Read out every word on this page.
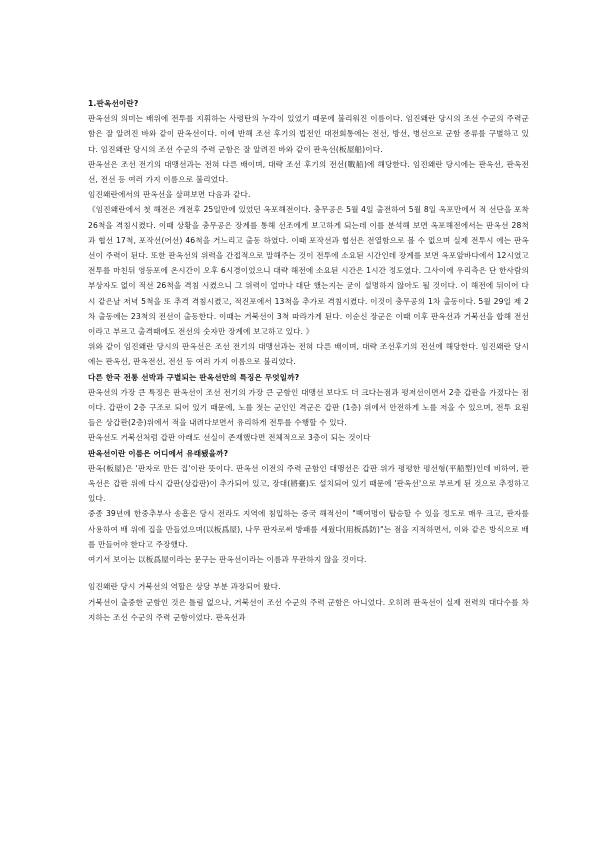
1.판옥선이란?

판옥선의 의미는 배위에 전투를 지휘하는 사령탄의 누각이 있었기 때문에 불리워진 이름이다. 임진왜란 당시의 조선 수군의 주력군함은 잘 알려진 바와 같이 판옥선이다. 이에 반해 조선 후기의 법전인 대전회통에는 전선, 방선, 병선으로 군함 종류를 구별하고 있다. 임진왜란 당시의 조선 수군의 주력 군함은 잘 알려진 바와 같이 판옥선(板屋船)이다.

판옥선은 조선 전기의 대맹선과는 전혀 다른 배이며, 대략 조선 후기의 전선(戰船)에 해당한다. 임진왜란 당시에는 판옥선, 판옥전선, 전선 등 여러 가지 이름으로 불리었다.

임진왜란에서의 판옥선을 살펴보면 다음과 같다.

《임진왜란에서 첫 해전은 개전후 25일만에 있었던 옥포해전이다. 충무공은 5월 4일 출전하여 5월 8일 옥포만에서 적 선단을 포착 26척을 격침시켰다. 이때 상황을 충무공은 장계를 통해 선조에게 보고하게 되는데 이를 분석해 보면 옥포해전에서는 판옥선 28척과 협선 17척, 포작선(어선) 46척을 거느리고 출동 하였다. 이때 포작선과 협선은 전열함으로 볼 수 없으며 실제 전투시 에는 판옥선이 주력이 된다. 또한 판옥선의 위력을 간접적으로 말해주는 것이 전투에 소요된 시간인데 장계를 보면 옥포앞바다에서 12시였고 전투를 마친뒤 영등포에 온시간이 오후 6시경이었으니 대략 해전에 소요된 시간은 1시간 정도였다. 그사이에 우리측은 단 한사람의 부상자도 없이 적선 26척을 격침 시켰으니 그 위력이 얼마나 대단 했는지는 굳이 설명하지 않아도 될 것이다. 이 해전에 뒤이어 다시 같은날 저녁 5척을 또 추격 격침시켰고, 적진포에서 13척을 추가로 격침시켰다. 이것이 충무공의 1차 출동이다. 5월 29일 제 2차 출동에는 23척의 전선이 출동한다. 이때는 거북선이 3척 따라가게 된다. 이순신 장군은 이때 이후 판옥선과 거북선을 합해 전선이라고 부르고 출격때에도 전선의 숫자만 장계에 보고하고 있다. 》

위와 같이 임진왜란 당시의 판옥선은 조선 전기의 대맹선과는 전혀 다른 배이며, 대략 조선후기의 전선에 해당한다. 임진왜란 당시에는 판옥선, 판옥전선, 전선 등 여러 가지 이름으로 불리었다.

다른 한국 전통 선박과 구별되는 판옥선만의 특징은 무엇일까?

판옥선의 가장 큰 특징은 판옥선이 조선 전기의 가장 큰 군함인 대맹선 보다도 더 크다는점과 평저선이면서 2층 갑판을 가졌다는 점이다. 갑판이 2층 구조로 되어 있기 때문에, 노를 젓는 군인인 격군은 갑판 (1층) 위에서 안전하게 노를 저을 수 있으며, 전투 요원들은 상갑판(2층)위에서 적을 내려다보면서 유리하게 전투를 수행할 수 있다.

판옥선도 거북선처럼 갑판 아래도 선실이 존재했다면 전체적으로 3층이 되는 것이다

판옥선이란 이름은 어디에서 유래됐을까?

판옥(板屋)은 '판자로 만든 집'이란 뜻이다. 판옥선 이전의 주력 군함인 대맹선은 갑판 위가 평평한 평선형(平船型)인데 비하여, 판옥선은 갑판 위에 다시 갑판(상갑판)이 추가되어 있고, 장대(將臺)도 설치되어 있기 때문에 '판옥선'으로 부르게 된 것으로 추정하고 있다.

중종 39년에 한중추부사 송흠은 당시 전라도 지역에 침입하는 중국 해적선이 "백여명이 탑승할 수 있을 정도로 매우 크고, 판자를 사용하여 배 위에 집을 만들었으며(以板爲屋), 나무 판자로써 방패를 세웠다(用板爲防)"는 점을 지적하면서, 이와 같은 방식으로 배를 만들어야 한다고 주장했다.

여기서 보이는 以板爲屋이라는 문구는 판옥선이라는 이름과 무관하지 않을 것이다.

임진왜란 당시 거북선의 역할은 상당 부분 과장되어 왔다.

거북선이 출중한 군함인 것은 틀림 없으나, 거북선이 조선 수군의 주력 군함은 아니었다. 오히려 판옥선이 실제 전력의 대다수를 차지하는 조선 수군의 주력 군함이었다. 판옥선과
